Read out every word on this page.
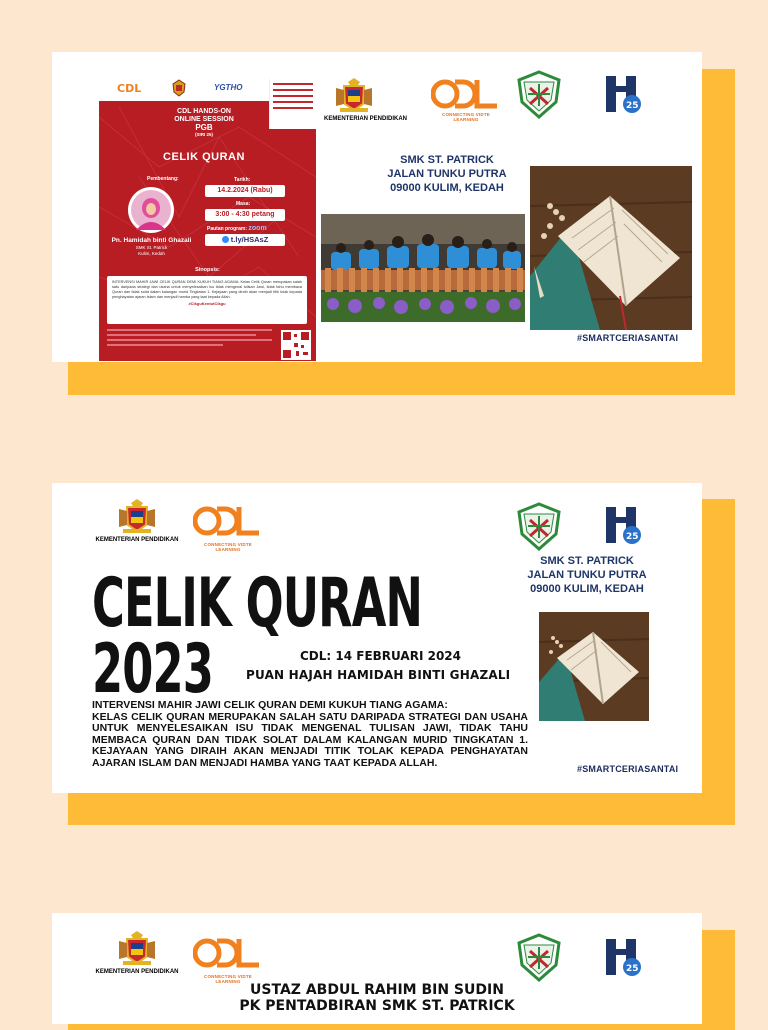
CDL	YGTHO
CDL HANDS-ON
ONLINE SESSION
PGB
(SIRI 25)
CELIK QURAN
Pembentang:
Pn. Hamidah binti Ghazali
SMK St. Patrick
Kulim, Kedah
Tarikh:
14.2.2024 (Rabu)
Masa:
3:00 - 4:30 petang
Pautan program: zoom
t.ly/HSAsZ
Sinopsis:
INTERVENSI MAHIR JAWI CELIK QURAN DEMI KUKUH TIANG AGAMA: Kelas Celik Quran merupakan salah satu daripada strategi dan usaha untuk menyelesaikan isu tidak mengenal tulisan Jawi, tidak tahu membaca Quran dan tidak solat dalam kalangan murid Tingkatan 1. Kejayaan yang diraih akan menjadi titik tolak kepada penghayatan ajaran Islam dan menjadi hamba yang taat kepada Allah.
#CikguKentutCikgu
KEMENTERIAN PENDIDIKAN
CONNECTING VIDTE LEARNING
25
SMK ST. PATRICK
JALAN TUNKU PUTRA
09000 KULIM, KEDAH
#SMARTCERIASANTAI
KEMENTERIAN PENDIDIKAN
CONNECTING VIDTE LEARNING
25
SMK ST. PATRICK
JALAN TUNKU PUTRA
09000 KULIM, KEDAH
CELIK QURAN
2023	CDL: 14 FEBRUARI 2024
PUAN HAJAH HAMIDAH BINTI GHAZALI
INTERVENSI MAHIR JAWI CELIK QURAN DEMI KUKUH TIANG AGAMA:
KELAS CELIK QURAN MERUPAKAN SALAH SATU DARIPADA STRATEGI DAN USAHA UNTUK MENYELESAIKAN ISU TIDAK MENGENAL TULISAN JAWI, TIDAK TAHU MEMBACA QURAN DAN TIDAK SOLAT DALAM KALANGAN MURID TINGKATAN 1. KEJAYAAN YANG DIRAIH AKAN MENJADI TITIK TOLAK KEPADA PENGHAYATAN AJARAN ISLAM DAN MENJADI HAMBA YANG TAAT KEPADA ALLAH.
#SMARTCERIASANTAI
KEMENTERIAN PENDIDIKAN
CONNECTING VIDTE LEARNING
25
USTAZ ABDUL RAHIM BIN SUDIN
PK PENTADBIRAN SMK ST. PATRICK
